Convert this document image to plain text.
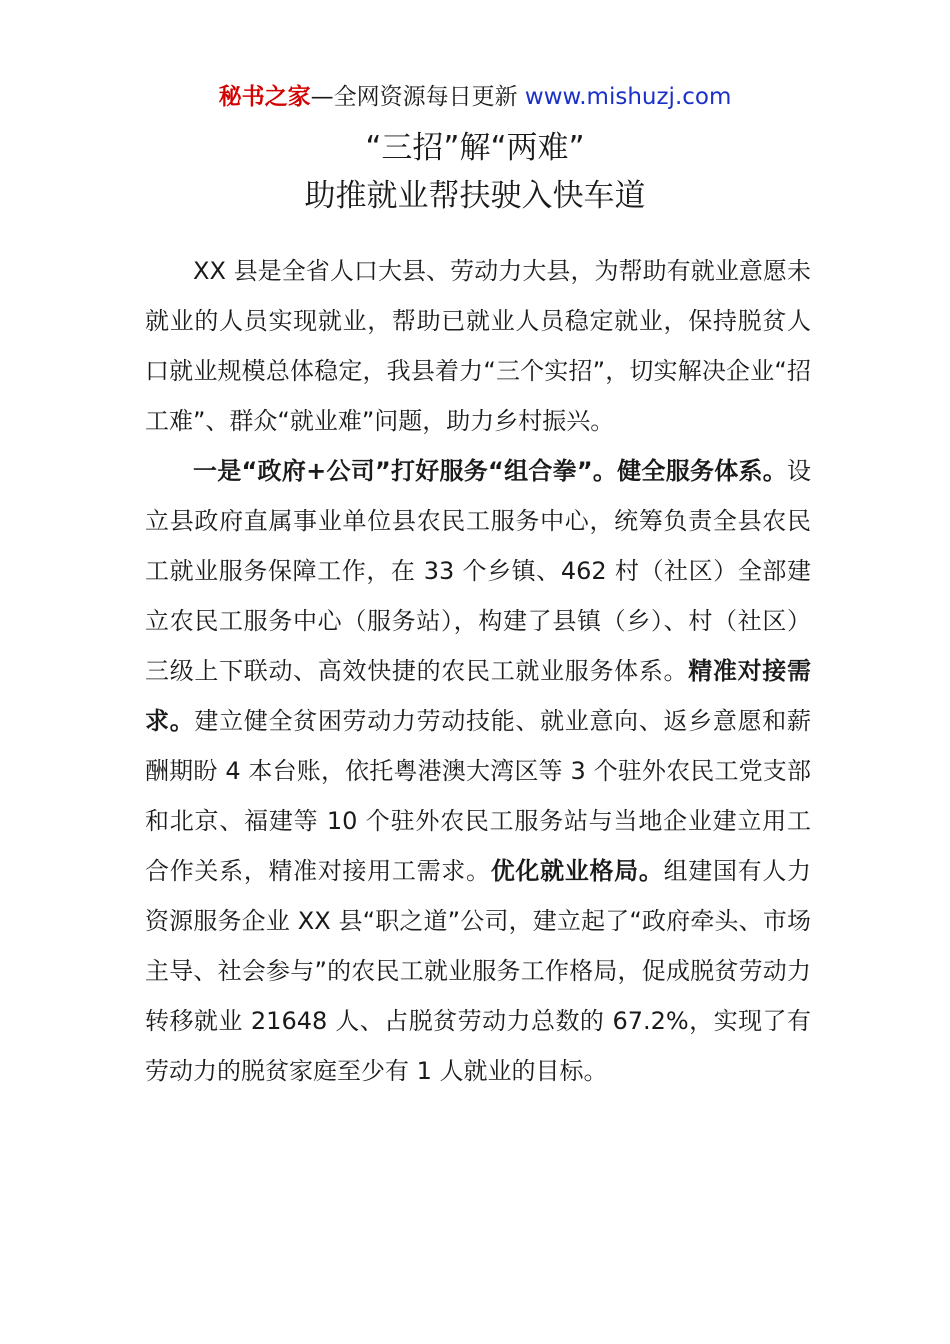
秘书之家—全网资源每日更新 www.mishuzj.com
“三招”解“两难”
助推就业帮扶驶入快车道

XX 县是全省人口大县、劳动力大县，为帮助有就业意愿未就业的人员实现就业，帮助已就业人员稳定就业，保持脱贫人口就业规模总体稳定，我县着力“三个实招”，切实解决企业“招工难”、群众“就业难”问题，助力乡村振兴。

一是“政府+公司”打好服务“组合拳”。健全服务体系。设立县政府直属事业单位县农民工服务中心，统筹负责全县农民工就业服务保障工作，在 33 个乡镇、462 村（社区）全部建立农民工服务中心（服务站），构建了县镇（乡）、村（社区）三级上下联动、高效快捷的农民工就业服务体系。精准对接需求。建立健全贫困劳动力劳动技能、就业意向、返乡意愿和薪酬期盼 4 本台账，依托粤港澳大湾区等 3 个驻外农民工党支部和北京、福建等 10 个驻外农民工服务站与当地企业建立用工合作关系，精准对接用工需求。优化就业格局。组建国有人力资源服务企业 XX 县“职之道”公司，建立起了“政府牵头、市场主导、社会参与”的农民工就业服务工作格局，促成脱贫劳动力转移就业 21648 人、占脱贫劳动力总数的 67.2%，实现了有劳动力的脱贫家庭至少有 1 人就业的目标。
